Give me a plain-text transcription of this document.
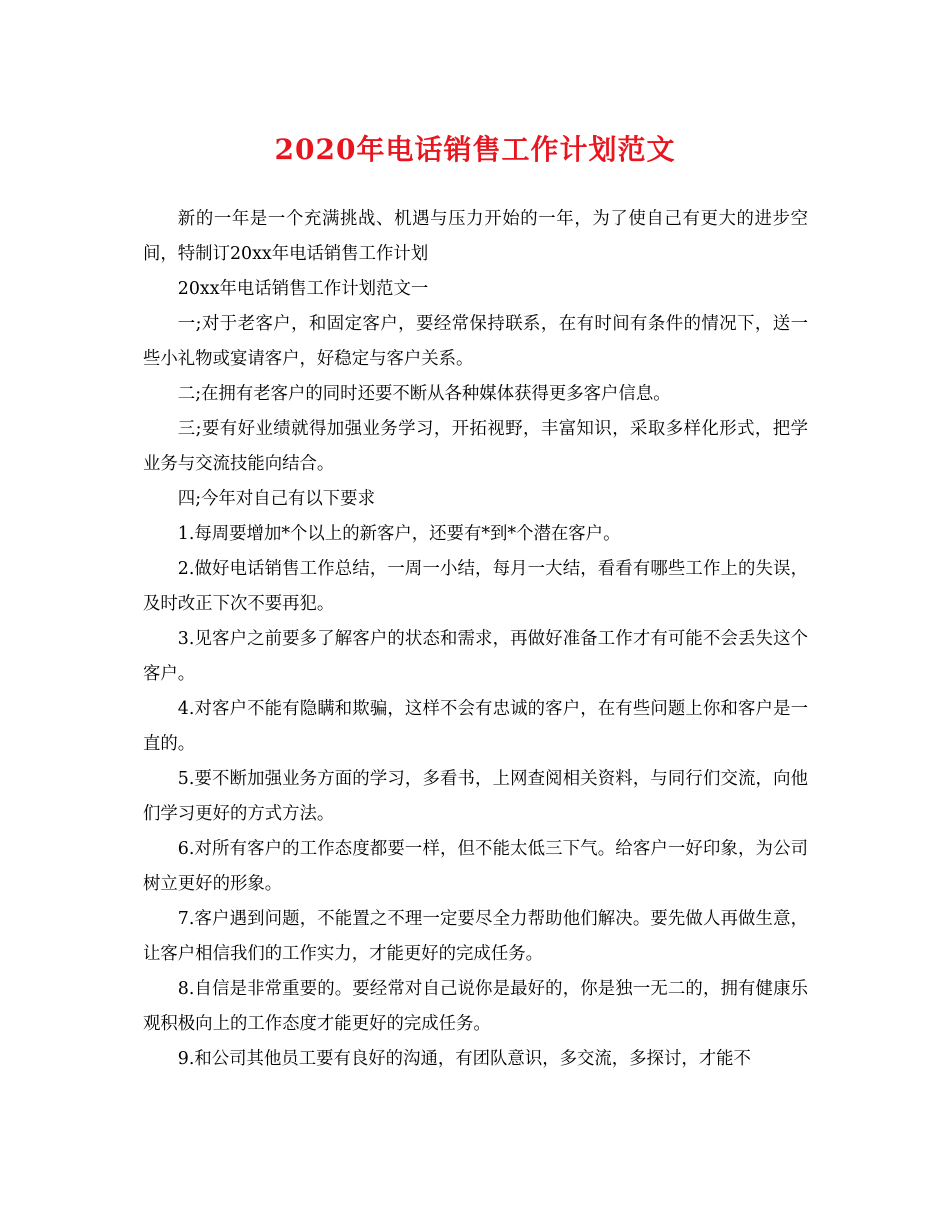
2020年电话销售工作计划范文

新的一年是一个充满挑战、机遇与压力开始的一年，为了使自己有更大的进步空间，特制订20xx年电话销售工作计划

20xx年电话销售工作计划范文一

一;对于老客户，和固定客户，要经常保持联系，在有时间有条件的情况下，送一些小礼物或宴请客户，好稳定与客户关系。

二;在拥有老客户的同时还要不断从各种媒体获得更多客户信息。

三;要有好业绩就得加强业务学习，开拓视野，丰富知识，采取多样化形式，把学业务与交流技能向结合。

四;今年对自己有以下要求

1.每周要增加*个以上的新客户，还要有*到*个潜在客户。

2.做好电话销售工作总结，一周一小结，每月一大结，看看有哪些工作上的失误，及时改正下次不要再犯。

3.见客户之前要多了解客户的状态和需求，再做好准备工作才有可能不会丢失这个客户。

4.对客户不能有隐瞒和欺骗，这样不会有忠诚的客户，在有些问题上你和客户是一直的。

5.要不断加强业务方面的学习，多看书，上网查阅相关资料，与同行们交流，向他们学习更好的方式方法。

6.对所有客户的工作态度都要一样，但不能太低三下气。给客户一好印象，为公司树立更好的形象。

7.客户遇到问题，不能置之不理一定要尽全力帮助他们解决。要先做人再做生意，让客户相信我们的工作实力，才能更好的完成任务。

8.自信是非常重要的。要经常对自己说你是最好的，你是独一无二的，拥有健康乐观积极向上的工作态度才能更好的完成任务。

9.和公司其他员工要有良好的沟通，有团队意识，多交流，多探讨，才能不
